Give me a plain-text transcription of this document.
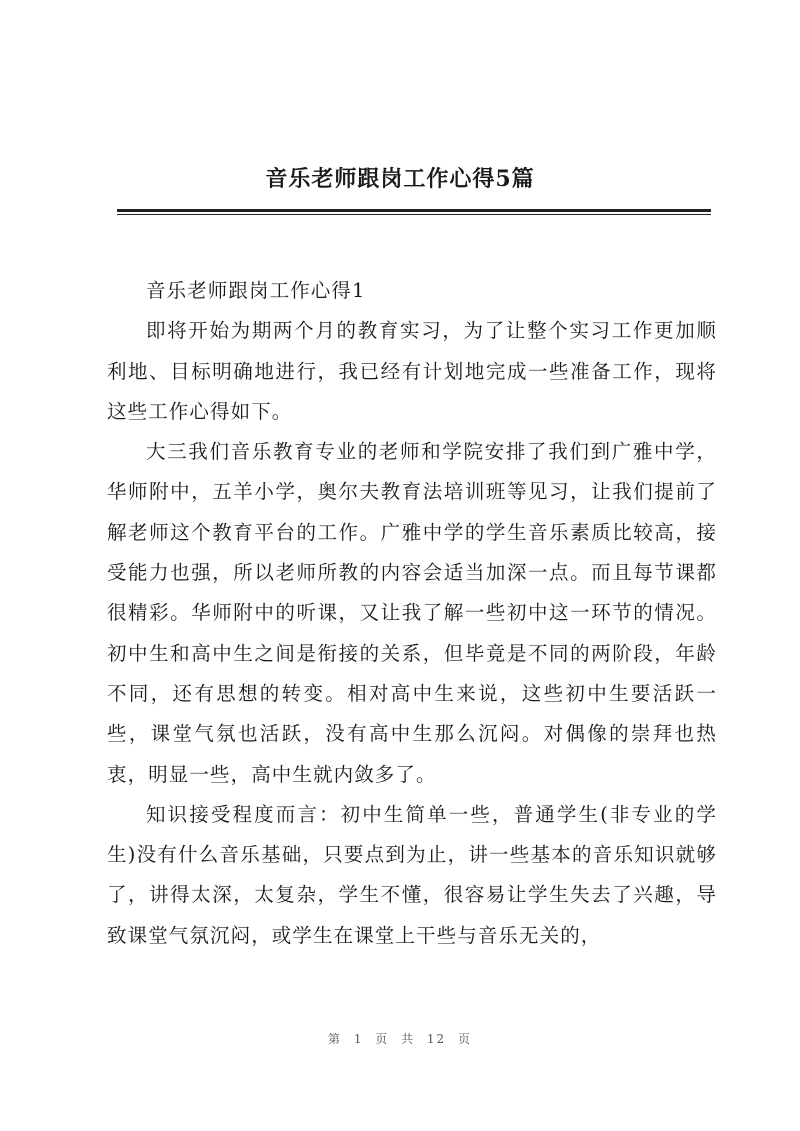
音乐老师跟岗工作心得5篇

音乐老师跟岗工作心得1

即将开始为期两个月的教育实习，为了让整个实习工作更加顺利地、目标明确地进行，我已经有计划地完成一些准备工作，现将这些工作心得如下。

大三我们音乐教育专业的老师和学院安排了我们到广雅中学，华师附中，五羊小学，奥尔夫教育法培训班等见习，让我们提前了解老师这个教育平台的工作。广雅中学的学生音乐素质比较高，接受能力也强，所以老师所教的内容会适当加深一点。而且每节课都很精彩。华师附中的听课，又让我了解一些初中这一环节的情况。初中生和高中生之间是衔接的关系，但毕竟是不同的两阶段，年龄不同，还有思想的转变。相对高中生来说，这些初中生要活跃一些，课堂气氛也活跃，没有高中生那么沉闷。对偶像的崇拜也热衷，明显一些，高中生就内敛多了。

知识接受程度而言：初中生简单一些，普通学生(非专业的学生)没有什么音乐基础，只要点到为止，讲一些基本的音乐知识就够了，讲得太深，太复杂，学生不懂，很容易让学生失去了兴趣，导致课堂气氛沉闷，或学生在课堂上干些与音乐无关的，

第 1 页 共 12 页
